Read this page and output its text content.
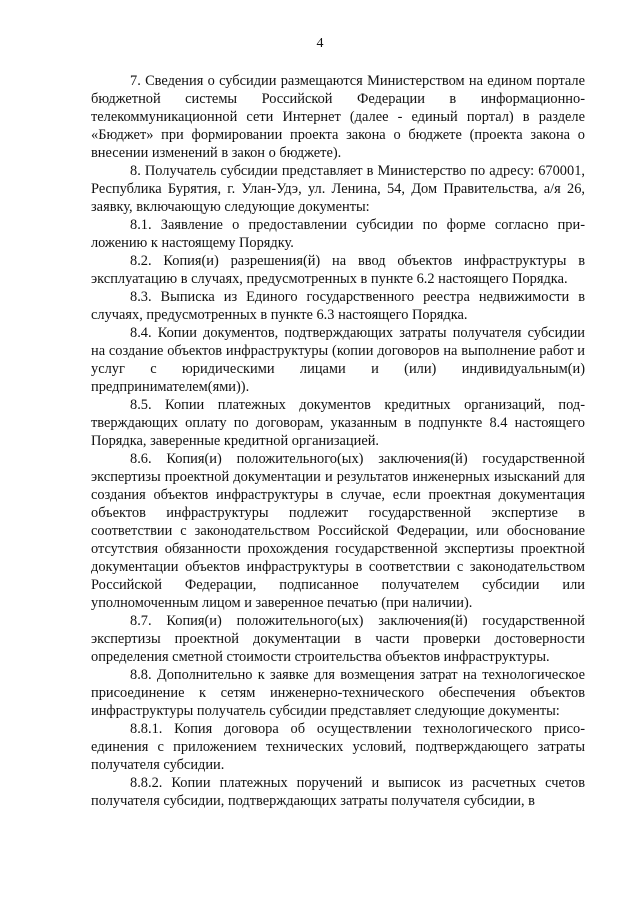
4

7. Сведения о субсидии размещаются Министерством на едином портале бюджетной системы Российской Федерации в информационно-телекоммуникационной сети Интернет (далее - единый портал) в разделе «Бюджет» при формировании проекта закона о бюджете (проекта закона о внесении изменений в закон о бюджете).

8. Получатель субсидии представляет в Министерство по адресу: 670001, Республика Бурятия, г. Улан-Удэ, ул. Ленина, 54, Дом Правительства, а/я 26, заявку, включающую следующие документы:

8.1. Заявление о предоставлении субсидии по форме согласно приложению к настоящему Порядку.

8.2. Копия(и) разрешения(й) на ввод объектов инфраструктуры в эксплуатацию в случаях, предусмотренных в пункте 6.2 настоящего Порядка.

8.3. Выписка из Единого государственного реестра недвижимости в случаях, предусмотренных в пункте 6.3 настоящего Порядка.

8.4. Копии документов, подтверждающих затраты получателя субсидии на создание объектов инфраструктуры (копии договоров на выполнение работ и услуг с юридическими лицами и (или) индивидуальным(и) предпринимателем(ями)).

8.5. Копии платежных документов кредитных организаций, подтверждающих оплату по договорам, указанным в подпункте 8.4 настоящего Порядка, заверенные кредитной организацией.

8.6. Копия(и) положительного(ых) заключения(й) государственной экспертизы проектной документации и результатов инженерных изысканий для создания объектов инфраструктуры в случае, если проектная документация объектов инфраструктуры подлежит государственной экспертизе в соответствии с законодательством Российской Федерации, или обоснование отсутствия обязанности прохождения государственной экспертизы проектной документации объектов инфраструктуры в соответствии с законодательством Российской Федерации, подписанное получателем субсидии или уполномоченным лицом и заверенное печатью (при наличии).

8.7. Копия(и) положительного(ых) заключения(й) государственной экспертизы проектной документации в части проверки достоверности определения сметной стоимости строительства объектов инфраструктуры.

8.8. Дополнительно к заявке для возмещения затрат на технологическое присоединение к сетям инженерно-технического обеспечения объектов инфраструктуры получатель субсидии представляет следующие документы:

8.8.1. Копия договора об осуществлении технологического присоединения с приложением технических условий, подтверждающего затраты получателя субсидии.

8.8.2. Копии платежных поручений и выписок из расчетных счетов получателя субсидии, подтверждающих затраты получателя субсидии, в
